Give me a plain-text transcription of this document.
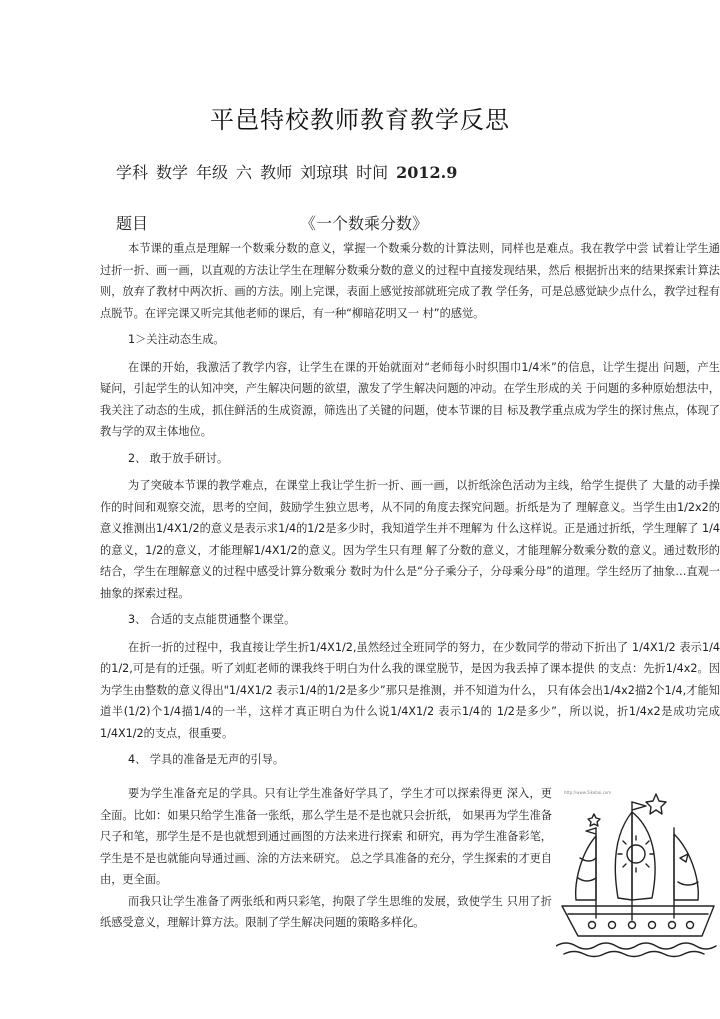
平邑特校教师教育教学反思
学科 数学 年级 六 教师 刘琼琪 时间 2012.9
题目	《一个数乘分数》

本节课的重点是理解一个数乘分数的意义，掌握一个数乘分数的计算法则，同样也是难点。我在教学中尝 试着让学生通过折一折、画一画，以直观的方法让学生在理解分数乘分数的意义的过程中直接发现结果，然后 根据折出来的结果探索计算法则，放弃了教材中两次折、画的方法。刚上完课，表面上感觉按部就班完成了教 学任务，可是总感觉缺少点什么，教学过程有点脱节。在评完课又听完其他老师的课后，有一种“柳暗花明又一 村”的感觉。

1＞关注动态生成。

在课的开始，我激活了教学内容，让学生在课的开始就面对“老师每小时织围巾1/4米”的信息，让学生提出 问题，产生疑问，引起学生的认知冲突，产生解决问题的欲望，激发了学生解决问题的冲动。在学生形成的关 于问题的多种原始想法中，我关注了动态的生成，抓住鲜活的生成资源，筛选出了关键的问题，使本节课的目 标及教学重点成为学生的探讨焦点，体现了教与学的双主体地位。

2、 敢于放手研讨。

为了突破本节课的教学难点，在课堂上我让学生折一折、画一画，以折纸涂色活动为主线，给学生提供了 大量的动手操作的时间和观察交流，思考的空间，鼓励学生独立思考，从不同的角度去探究问题。折纸是为了 理解意义。当学生由1/2x2的意义推测出1/4X1/2的意义是表示求1/4的1/2是多少时，我知道学生并不理解为 什么这样说。正是通过折纸，学生理解了 1/4的意义，1/2的意义，才能理解1/4X1/2的意义。因为学生只有理 解了分数的意义，才能理解分数乘分数的意义。通过数形的结合，学生在理解意义的过程中感受计算分数乘分 数时为什么是“分子乘分子，分母乘分母”的道理。学生经历了抽象…直观一抽象的探索过程。

3、 合适的支点能贯通整个课堂。

在折一折的过程中，我直接让学生折1/4X1/2,虽然经过全班同学的努力，在少数同学的带动下折出了 1/4X1/2 表示1/4的1/2,可是有的迁强。听了刘虹老师的课我终于明白为什么我的课堂脱节，是因为我丢掉了课本提供 的支点：先折1/4x2。因为学生由整数的意义得出"1/4X1/2 表示1/4的1/2是多少”那只是推测，并不知道为什么， 只有体会出1/4x2描2个1/4,才能知道半(1/2)个1/4描1/4的一半，这样才真正明白为什么说1/4X1/2 表示1/4的 1/2是多少”，所以说，折1/4x2是成功完成1/4X1/2的支点，很重要。

4、 学具的准备是无声的引导。

要为学生准备充足的学具。只有让学生准备好学具了，学生才可以探索得更 深入，更全面。比如：如果只给学生准备一张纸，那么学生是不是也就只会折纸， 如果再为学生准备尺子和笔，那学生是不是也就想到通过画图的方法来进行探索 和研究，再为学生准备彩笔，学生是不是也就能向导通过画、涂的方法来研究。 总之学具准备的充分，学生探索的才更自由，更全面。

而我只让学生准备了两张纸和两只彩笔，拘限了学生思维的发展，致使学生 只用了折纸感受意义，理解计算方法。限制了学生解决问题的策略多样化。

http://www.5ikebai.com
